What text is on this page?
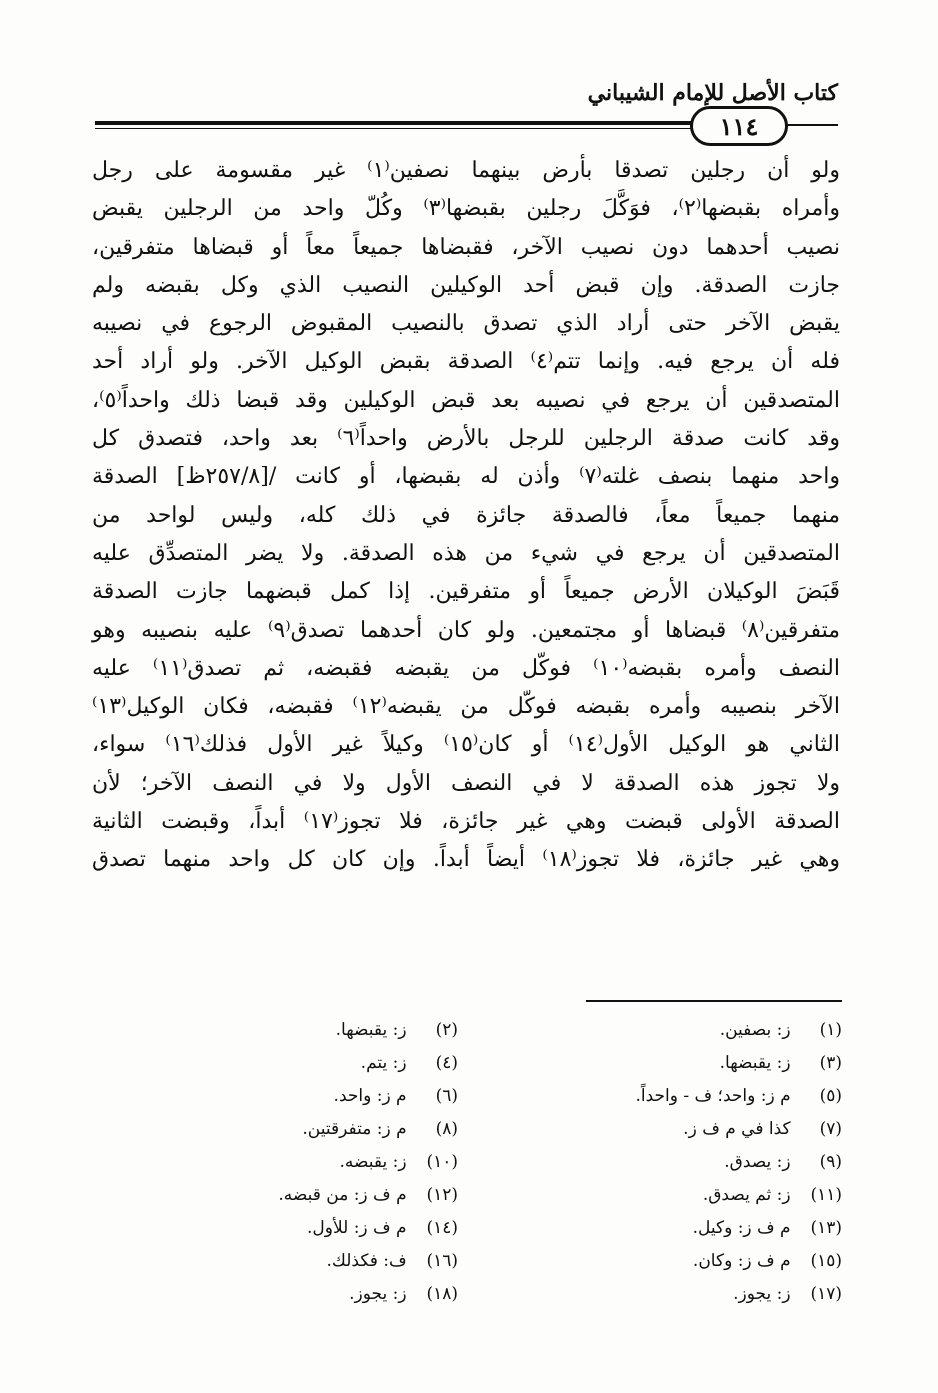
كتاب الأصل للإمام الشيباني
١١٤
ولو أن رجلين تصدقا بأرض بينهما نصفين⁽١⁾ غير مقسومة على رجل
وأمراه بقبضها⁽٢⁾، فوَكَّلَ رجلين بقبضها⁽٣⁾ وكُلّ واحد من الرجلين يقبض
نصيب أحدهما دون نصيب الآخر، فقبضاها جميعاً معاً أو قبضاها متفرقين،
جازت الصدقة. وإن قبض أحد الوكيلين النصيب الذي وكل بقبضه ولم
يقبض الآخر حتى أراد الذي تصدق بالنصيب المقبوض الرجوع في نصيبه
فله أن يرجع فيه. وإنما تتم⁽٤⁾ الصدقة بقبض الوكيل الآخر. ولو أراد أحد
المتصدقين أن يرجع في نصيبه بعد قبض الوكيلين وقد قبضا ذلك واحداً⁽٥⁾،
وقد كانت صدقة الرجلين للرجل بالأرض واحداً⁽٦⁾ بعد واحد، فتصدق كل
واحد منهما بنصف غلته⁽٧⁾ وأذن له بقبضها، أو كانت /[٢٥٧/٨ظ] الصدقة
منهما جميعاً معاً، فالصدقة جائزة في ذلك كله، وليس لواحد من
المتصدقين أن يرجع في شيء من هذه الصدقة. ولا يضر المتصدِّق عليه
قَبَضَ الوكيلان الأرض جميعاً أو متفرقين. إذا كمل قبضهما جازت الصدقة
متفرقين⁽٨⁾ قبضاها أو مجتمعين. ولو كان أحدهما تصدق⁽٩⁾ عليه بنصيبه وهو
النصف وأمره بقبضه⁽١٠⁾ فوكّل من يقبضه فقبضه، ثم تصدق⁽١١⁾ عليه
الآخر بنصيبه وأمره بقبضه فوكّل من يقبضه⁽١٢⁾ فقبضه، فكان الوكيل⁽١٣⁾
الثاني هو الوكيل الأول⁽١٤⁾ أو كان⁽١٥⁾ وكيلاً غير الأول فذلك⁽١٦⁾ سواء،
ولا تجوز هذه الصدقة لا في النصف الأول ولا في النصف الآخر؛ لأن
الصدقة الأولى قبضت وهي غير جائزة، فلا تجوز⁽١٧⁾ أبداً، وقبضت الثانية
وهي غير جائزة، فلا تجوز⁽١٨⁾ أيضاً أبداً. وإن كان كل واحد منهما تصدق
(١) ز: بصفين.
(٣) ز: يقبضها.
(٥) م ز: واحد؛ ف - واحداً.
(٧) كذا في م ف ز.
(٩) ز: يصدق.
(١١) ز: ثم يصدق.
(١٣) م ف ز: وكيل.
(١٥) م ف ز: وكان.
(١٧) ز: يجوز.
(٢) ز: يقبضها.
(٤) ز: يتم.
(٦) م ز: واحد.
(٨) م ز: متفرقتين.
(١٠) ز: يقبضه.
(١٢) م ف ز: من قبضه.
(١٤) م ف ز: للأول.
(١٦) ف: فكذلك.
(١٨) ز: يجوز.
